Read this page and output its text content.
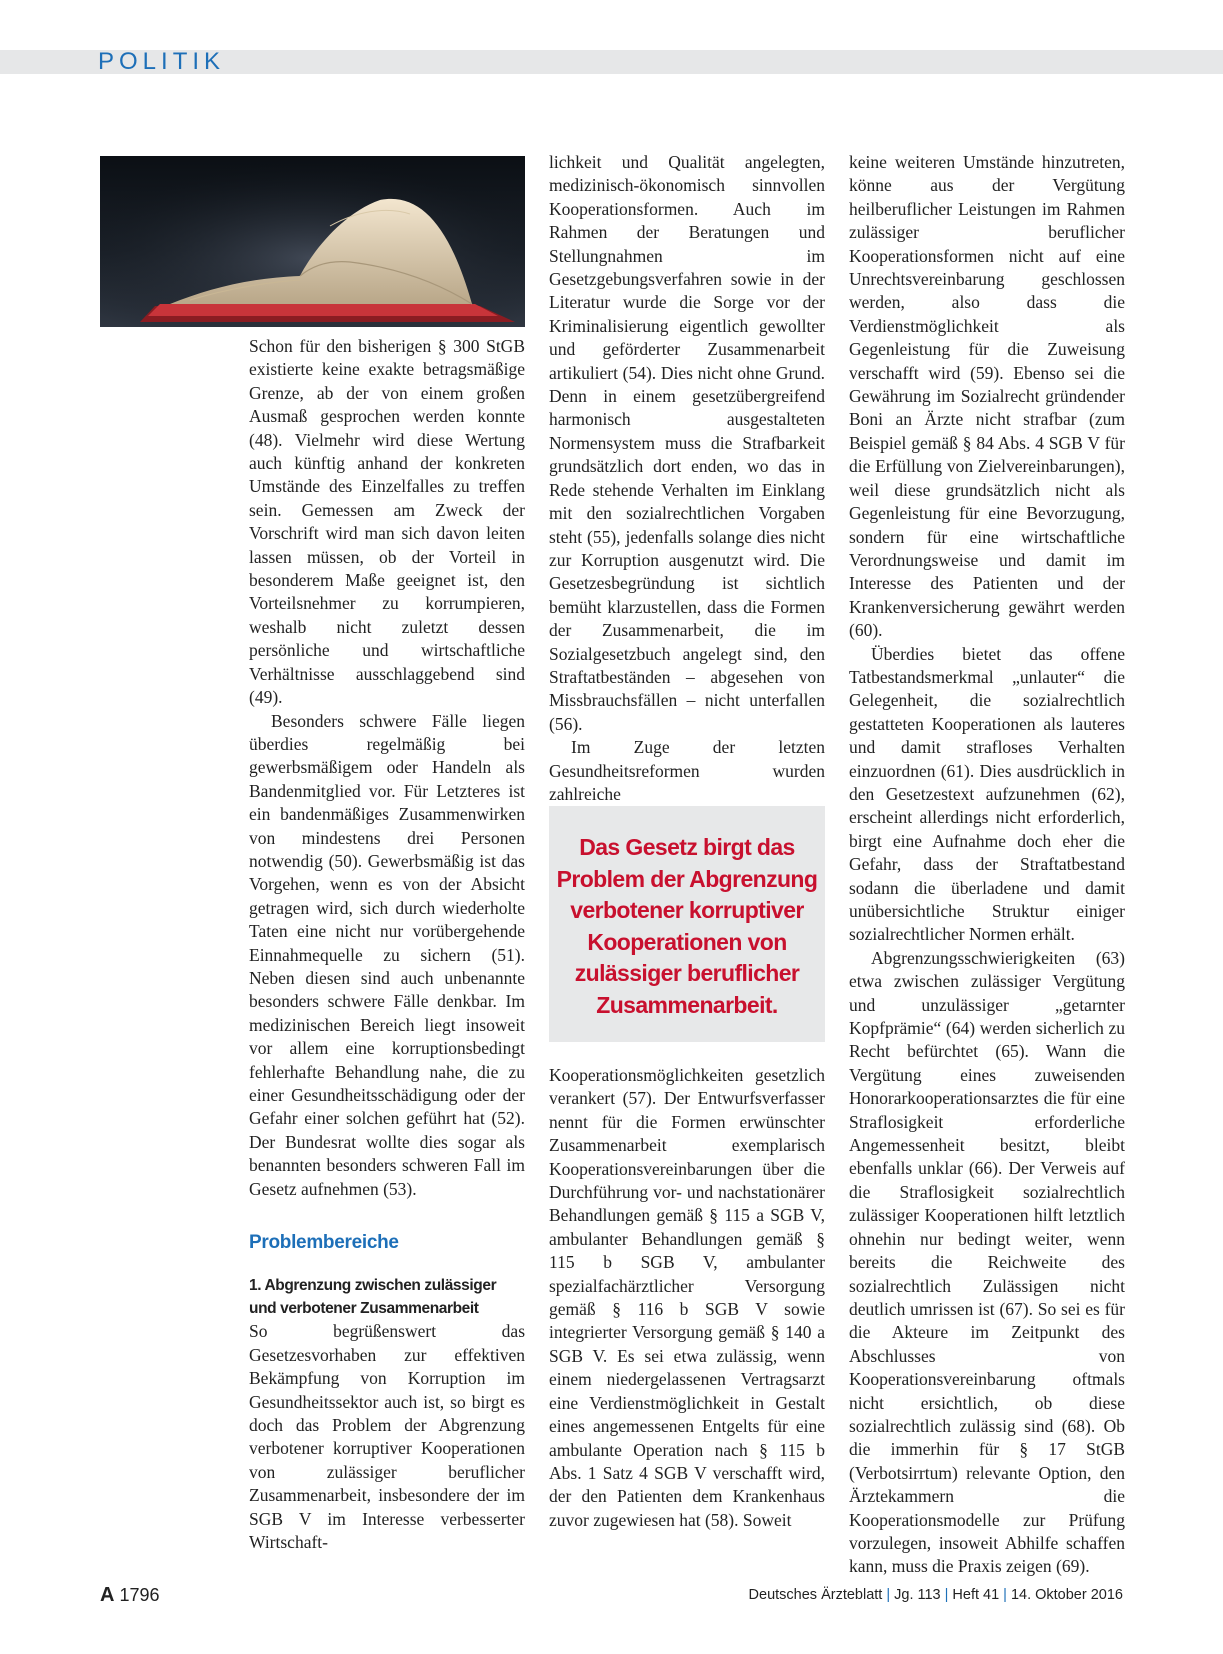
POLITIK

Schon für den bisherigen § 300 StGB existierte keine exakte betragsmäßige Grenze, ab der von einem großen Ausmaß gesprochen werden konnte (48). Vielmehr wird diese Wertung auch künftig anhand der konkreten Umstände des Einzelfalles zu treffen sein. Gemessen am Zweck der Vorschrift wird man sich davon leiten lassen müssen, ob der Vorteil in besonderem Maße geeignet ist, den Vorteilsnehmer zu korrumpieren, weshalb nicht zuletzt dessen persönliche und wirtschaftliche Verhältnisse ausschlaggebend sind (49).

Besonders schwere Fälle liegen überdies regelmäßig bei gewerbsmäßigem oder Handeln als Bandenmitglied vor. Für Letzteres ist ein bandenmäßiges Zusammenwirken von mindestens drei Personen notwendig (50). Gewerbsmäßig ist das Vorgehen, wenn es von der Absicht getragen wird, sich durch wiederholte Taten eine nicht nur vorübergehende Einnahmequelle zu sichern (51). Neben diesen sind auch unbenannte besonders schwere Fälle denkbar. Im medizinischen Bereich liegt insoweit vor allem eine korruptionsbedingt fehlerhafte Behandlung nahe, die zu einer Gesundheitsschädigung oder der Gefahr einer solchen geführt hat (52). Der Bundesrat wollte dies sogar als benannten besonders schweren Fall im Gesetz aufnehmen (53).

Problembereiche
1. Abgrenzung zwischen zulässiger und verbotener Zusammenarbeit

So begrüßenswert das Gesetzesvorhaben zur effektiven Bekämpfung von Korruption im Gesundheitssektor auch ist, so birgt es doch das Problem der Abgrenzung verbotener korruptiver Kooperationen von zulässiger beruflicher Zusammenarbeit, insbesondere der im SGB V im Interesse verbesserter Wirtschaft-

lichkeit und Qualität angelegten, medizinisch-ökonomisch sinnvollen Kooperationsformen. Auch im Rahmen der Beratungen und Stellungnahmen im Gesetzgebungsverfahren sowie in der Literatur wurde die Sorge vor der Kriminalisierung eigentlich gewollter und geförderter Zusammenarbeit artikuliert (54). Dies nicht ohne Grund. Denn in einem gesetzübergreifend harmonisch ausgestalteten Normensystem muss die Strafbarkeit grundsätzlich dort enden, wo das in Rede stehende Verhalten im Einklang mit den sozialrechtlichen Vorgaben steht (55), jedenfalls solange dies nicht zur Korruption ausgenutzt wird. Die Gesetzesbegründung ist sichtlich bemüht klarzustellen, dass die Formen der Zusammenarbeit, die im Sozialgesetzbuch angelegt sind, den Straftatbeständen – abgesehen von Missbrauchsfällen – nicht unterfallen (56).

Im Zuge der letzten Gesundheitsreformen wurden zahlreiche

Das Gesetz birgt das Problem der Abgrenzung verbotener korruptiver Kooperationen von zulässiger beruflicher Zusammenarbeit.

Kooperationsmöglichkeiten gesetzlich verankert (57). Der Entwurfsverfasser nennt für die Formen erwünschter Zusammenarbeit exemplarisch Kooperationsvereinbarungen über die Durchführung vor- und nachstationärer Behandlungen gemäß § 115 a SGB V, ambulanter Behandlungen gemäß § 115 b SGB V, ambulanter spezialfachärztlicher Versorgung gemäß § 116 b SGB V sowie integrierter Versorgung gemäß § 140 a SGB V. Es sei etwa zulässig, wenn einem niedergelassenen Vertragsarzt eine Verdienstmöglichkeit in Gestalt eines angemessenen Entgelts für eine ambulante Operation nach § 115 b Abs. 1 Satz 4 SGB V verschafft wird, der den Patienten dem Krankenhaus zuvor zugewiesen hat (58). Soweit

keine weiteren Umstände hinzutreten, könne aus der Vergütung heilberuflicher Leistungen im Rahmen zulässiger beruflicher Kooperationsformen nicht auf eine Unrechtsvereinbarung geschlossen werden, also dass die Verdienstmöglichkeit als Gegenleistung für die Zuweisung verschafft wird (59). Ebenso sei die Gewährung im Sozialrecht gründender Boni an Ärzte nicht strafbar (zum Beispiel gemäß § 84 Abs. 4 SGB V für die Erfüllung von Zielvereinbarungen), weil diese grundsätzlich nicht als Gegenleistung für eine Bevorzugung, sondern für eine wirtschaftliche Verordnungsweise und damit im Interesse des Patienten und der Krankenversicherung gewährt werden (60).

Überdies bietet das offene Tatbestandsmerkmal „unlauter“ die Gelegenheit, die sozialrechtlich gestatteten Kooperationen als lauteres und damit strafloses Verhalten einzuordnen (61). Dies ausdrücklich in den Gesetzestext aufzunehmen (62), erscheint allerdings nicht erforderlich, birgt eine Aufnahme doch eher die Gefahr, dass der Straftatbestand sodann die überladene und damit unübersichtliche Struktur einiger sozialrechtlicher Normen erhält.

Abgrenzungsschwierigkeiten (63) etwa zwischen zulässiger Vergütung und unzulässiger „getarnter Kopfprämie“ (64) werden sicherlich zu Recht befürchtet (65). Wann die Vergütung eines zuweisenden Honorarkooperationsarztes die für eine Straflosigkeit erforderliche Angemessenheit besitzt, bleibt ebenfalls unklar (66). Der Verweis auf die Straflosigkeit sozialrechtlich zulässiger Kooperationen hilft letztlich ohnehin nur bedingt weiter, wenn bereits die Reichweite des sozialrechtlich Zulässigen nicht deutlich umrissen ist (67). So sei es für die Akteure im Zeitpunkt des Abschlusses von Kooperationsvereinbarung oftmals nicht ersichtlich, ob diese sozialrechtlich zulässig sind (68). Ob die immerhin für § 17 StGB (Verbotsirrtum) relevante Option, den Ärztekammern die Kooperationsmodelle zur Prüfung vorzulegen, insoweit Abhilfe schaffen kann, muss die Praxis zeigen (69).

A 1796	Deutsches Ärzteblatt | Jg. 113 | Heft 41 | 14. Oktober 2016
